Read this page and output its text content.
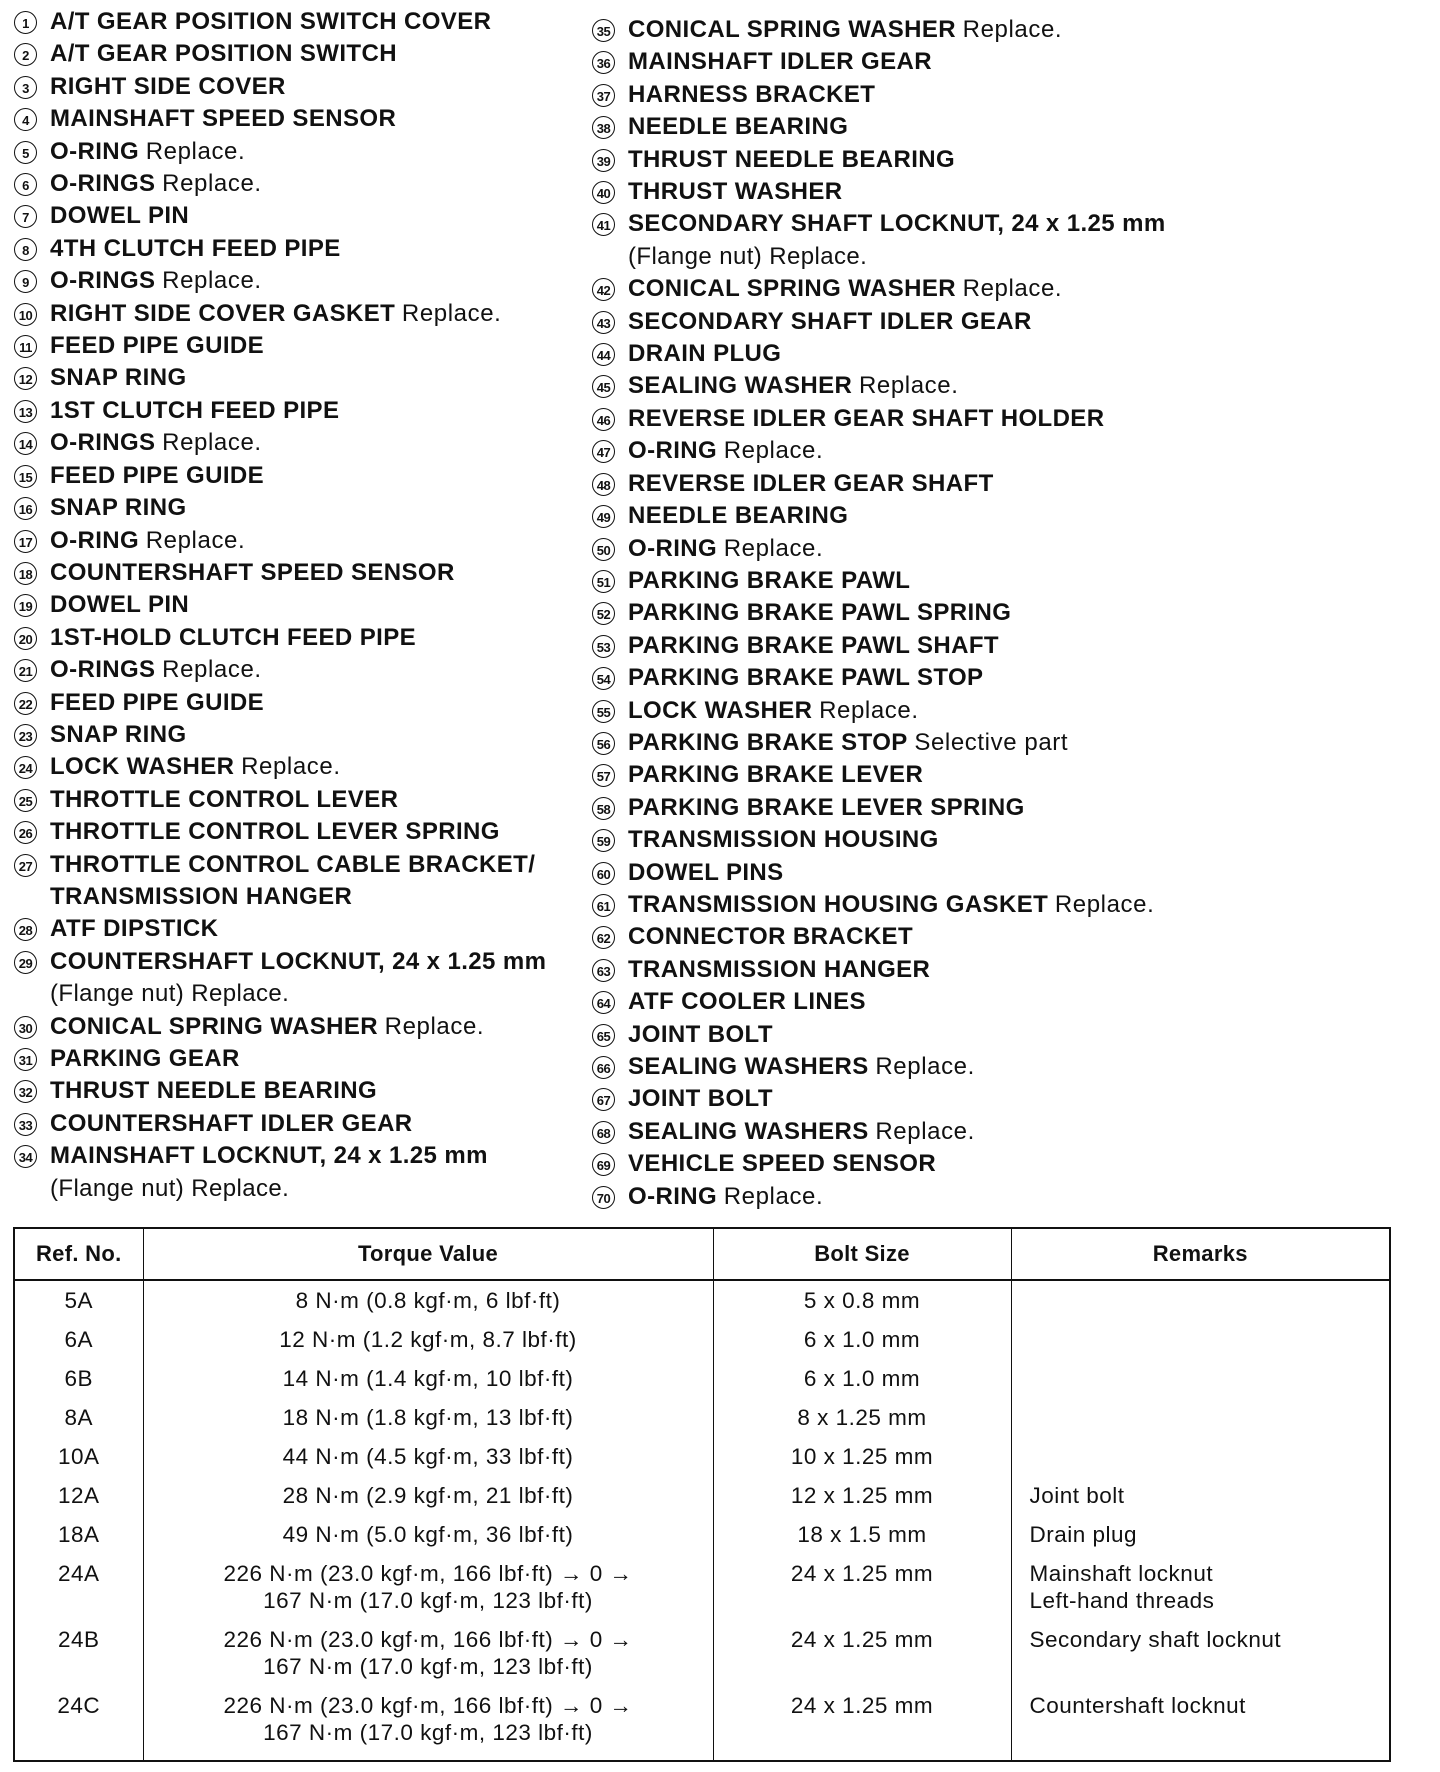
1 A/T GEAR POSITION SWITCH COVER
2 A/T GEAR POSITION SWITCH
3 RIGHT SIDE COVER
4 MAINSHAFT SPEED SENSOR
5 O-RING Replace.
6 O-RINGS Replace.
7 DOWEL PIN
8 4TH CLUTCH FEED PIPE
9 O-RINGS Replace.
10 RIGHT SIDE COVER GASKET Replace.
11 FEED PIPE GUIDE
12 SNAP RING
13 1ST CLUTCH FEED PIPE
14 O-RINGS Replace.
15 FEED PIPE GUIDE
16 SNAP RING
17 O-RING Replace.
18 COUNTERSHAFT SPEED SENSOR
19 DOWEL PIN
20 1ST-HOLD CLUTCH FEED PIPE
21 O-RINGS Replace.
22 FEED PIPE GUIDE
23 SNAP RING
24 LOCK WASHER Replace.
25 THROTTLE CONTROL LEVER
26 THROTTLE CONTROL LEVER SPRING
27 THROTTLE CONTROL CABLE BRACKET/
TRANSMISSION HANGER
28 ATF DIPSTICK
29 COUNTERSHAFT LOCKNUT, 24 x 1.25 mm
(Flange nut) Replace.
30 CONICAL SPRING WASHER Replace.
31 PARKING GEAR
32 THRUST NEEDLE BEARING
33 COUNTERSHAFT IDLER GEAR
34 MAINSHAFT LOCKNUT, 24 x 1.25 mm
(Flange nut) Replace.
35 CONICAL SPRING WASHER Replace.
36 MAINSHAFT IDLER GEAR
37 HARNESS BRACKET
38 NEEDLE BEARING
39 THRUST NEEDLE BEARING
40 THRUST WASHER
41 SECONDARY SHAFT LOCKNUT, 24 x 1.25 mm
(Flange nut) Replace.
42 CONICAL SPRING WASHER Replace.
43 SECONDARY SHAFT IDLER GEAR
44 DRAIN PLUG
45 SEALING WASHER Replace.
46 REVERSE IDLER GEAR SHAFT HOLDER
47 O-RING Replace.
48 REVERSE IDLER GEAR SHAFT
49 NEEDLE BEARING
50 O-RING Replace.
51 PARKING BRAKE PAWL
52 PARKING BRAKE PAWL SPRING
53 PARKING BRAKE PAWL SHAFT
54 PARKING BRAKE PAWL STOP
55 LOCK WASHER Replace.
56 PARKING BRAKE STOP Selective part
57 PARKING BRAKE LEVER
58 PARKING BRAKE LEVER SPRING
59 TRANSMISSION HOUSING
60 DOWEL PINS
61 TRANSMISSION HOUSING GASKET Replace.
62 CONNECTOR BRACKET
63 TRANSMISSION HANGER
64 ATF COOLER LINES
65 JOINT BOLT
66 SEALING WASHERS Replace.
67 JOINT BOLT
68 SEALING WASHERS Replace.
69 VEHICLE SPEED SENSOR
70 O-RING Replace.
Ref. No.	Torque Value	Bolt Size	Remarks
5A	8 N·m (0.8 kgf·m, 6 lbf·ft)	5 x 0.8 mm	
6A	12 N·m (1.2 kgf·m, 8.7 lbf·ft)	6 x 1.0 mm	
6B	14 N·m (1.4 kgf·m, 10 lbf·ft)	6 x 1.0 mm	
8A	18 N·m (1.8 kgf·m, 13 lbf·ft)	8 x 1.25 mm	
10A	44 N·m (4.5 kgf·m, 33 lbf·ft)	10 x 1.25 mm	
12A	28 N·m (2.9 kgf·m, 21 lbf·ft)	12 x 1.25 mm	Joint bolt

18A	49 N·m (5.0 kgf·m, 36 lbf·ft)	18 x 1.5 mm	Drain plug

24A	226 N·m (23.0 kgf·m, 166 lbf·ft) → 0 →
167 N·m (17.0 kgf·m, 123 lbf·ft)	24 x 1.25 mm	Mainshaft locknut
Left-hand threads

24B	226 N·m (23.0 kgf·m, 166 lbf·ft) → 0 →
167 N·m (17.0 kgf·m, 123 lbf·ft)	24 x 1.25 mm	Secondary shaft locknut

24C	226 N·m (23.0 kgf·m, 166 lbf·ft) → 0 →
167 N·m (17.0 kgf·m, 123 lbf·ft)	24 x 1.25 mm	Countershaft locknut
